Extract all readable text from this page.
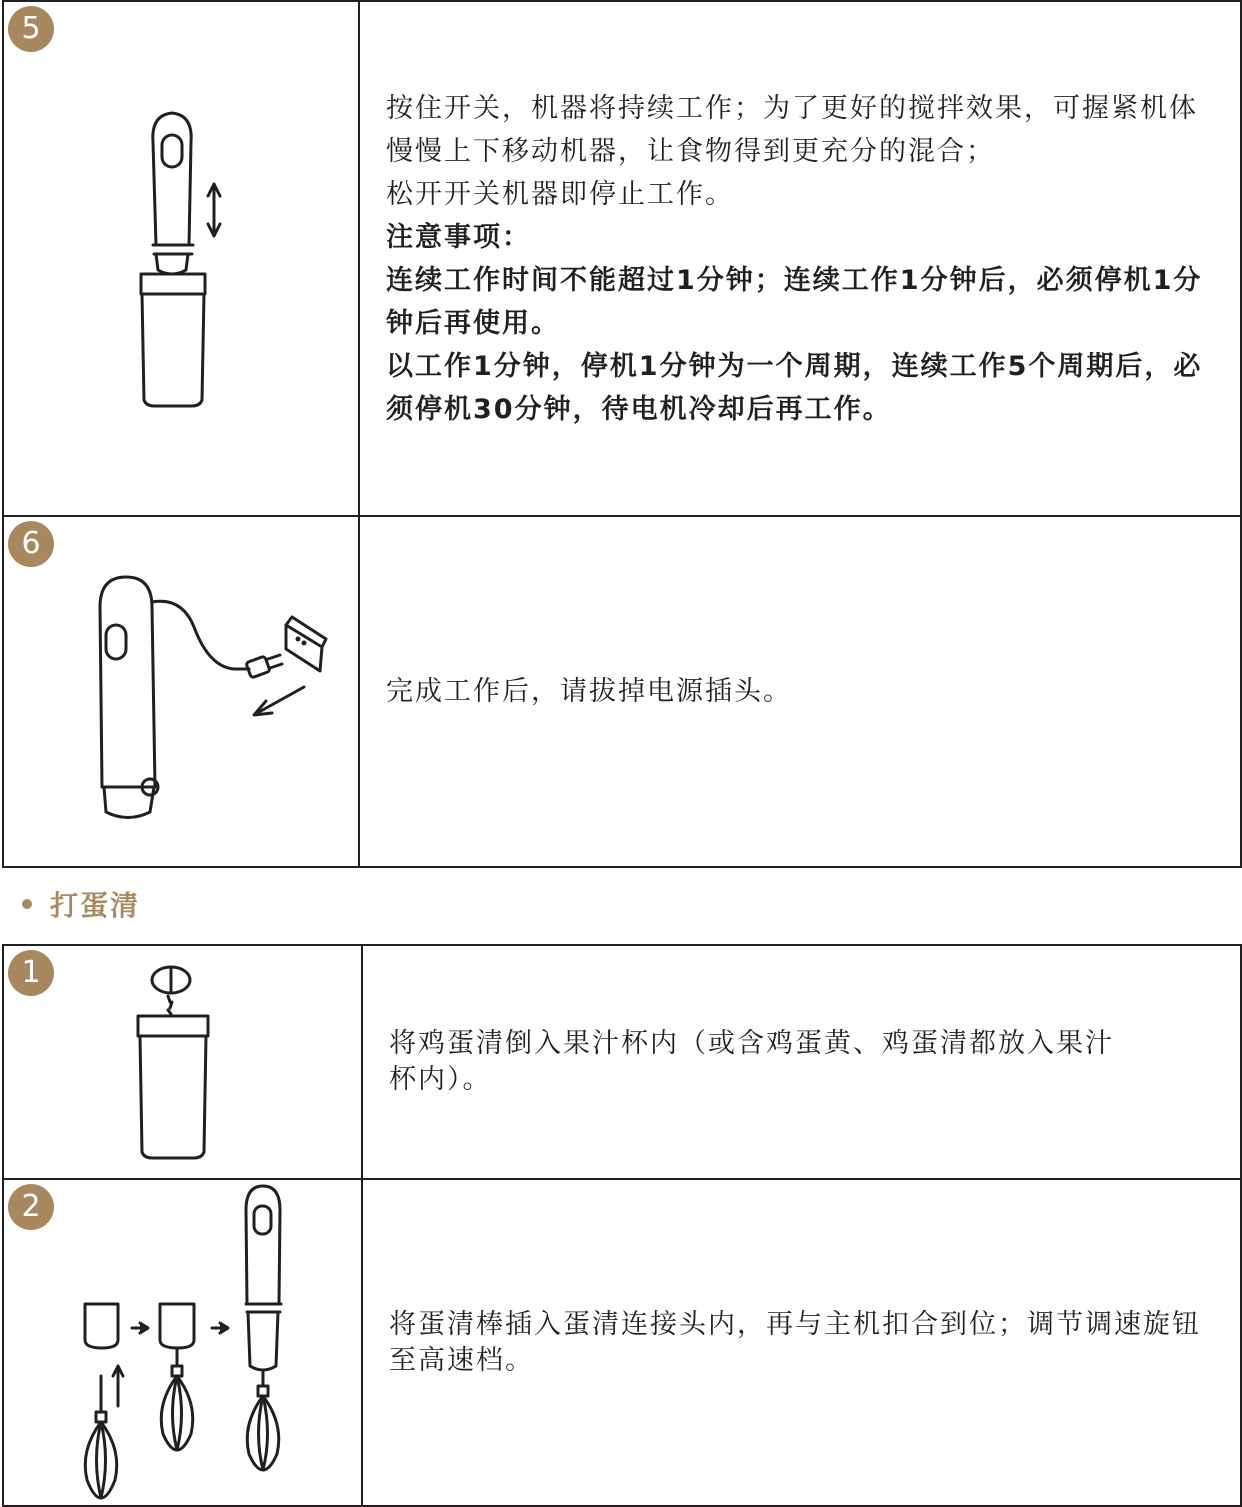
5

按住开关，机器将持续工作；为了更好的搅拌效果，可握紧机体慢慢上下移动机器，让食物得到更充分的混合；

松开开关机器即停止工作。

注意事项：

连续工作时间不能超过1分钟；连续工作1分钟后，必须停机1分钟后再使用。

以工作1分钟，停机1分钟为一个周期，连续工作5个周期后，必须停机30分钟，待电机冷却后再工作。

6

完成工作后，请拔掉电源插头。

打蛋清
1

将鸡蛋清倒入果汁杯内（或含鸡蛋黄、鸡蛋清都放入果汁杯内）。

2

将蛋清棒插入蛋清连接头内，再与主机扣合到位；调节调速旋钮至高速档。
